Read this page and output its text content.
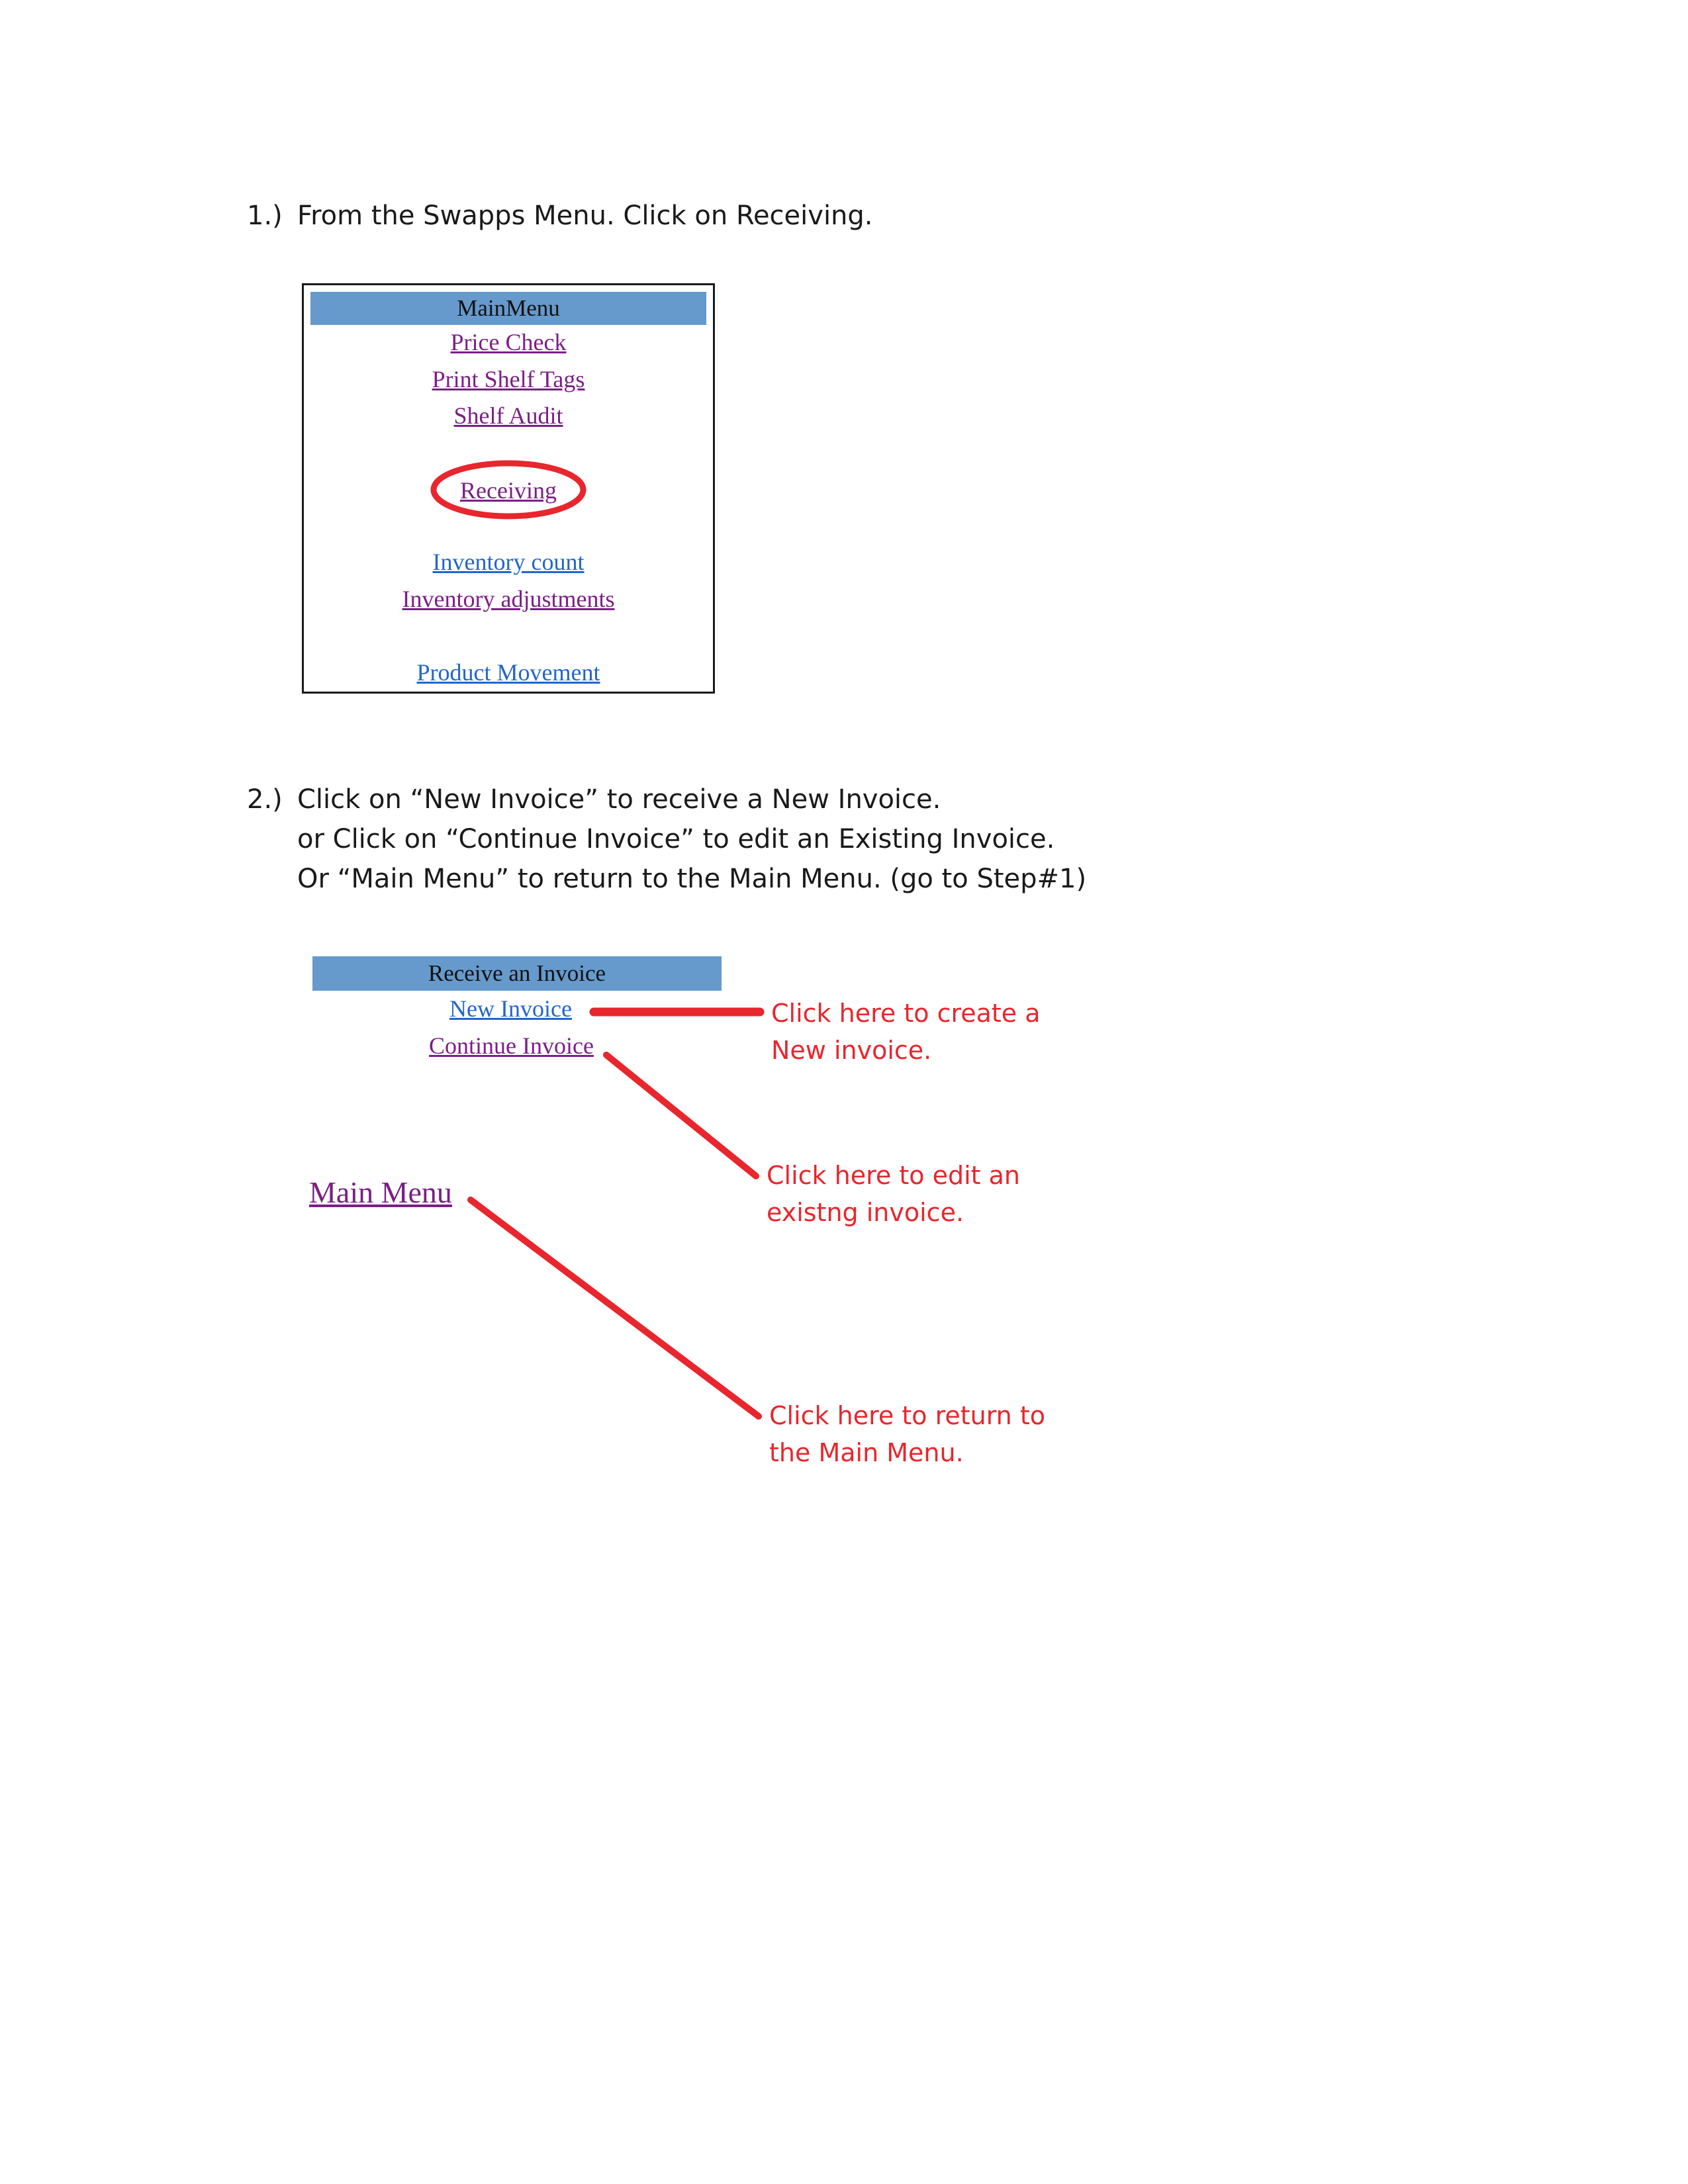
1.) From the Swapps Menu. Click on Receiving.
MainMenu
Price Check
Print Shelf Tags
Shelf Audit
Receiving
Inventory count
Inventory adjustments
Product Movement
2.) Click on “New Invoice” to receive a New Invoice.
or Click on “Continue Invoice” to edit an Existing Invoice.
Or “Main Menu” to return to the Main Menu. (go to Step#1)
Receive an Invoice
New Invoice
Continue Invoice
Main Menu
Click here to create a
New invoice.
Click here to edit an
existng invoice.
Click here to return to
the Main Menu.
